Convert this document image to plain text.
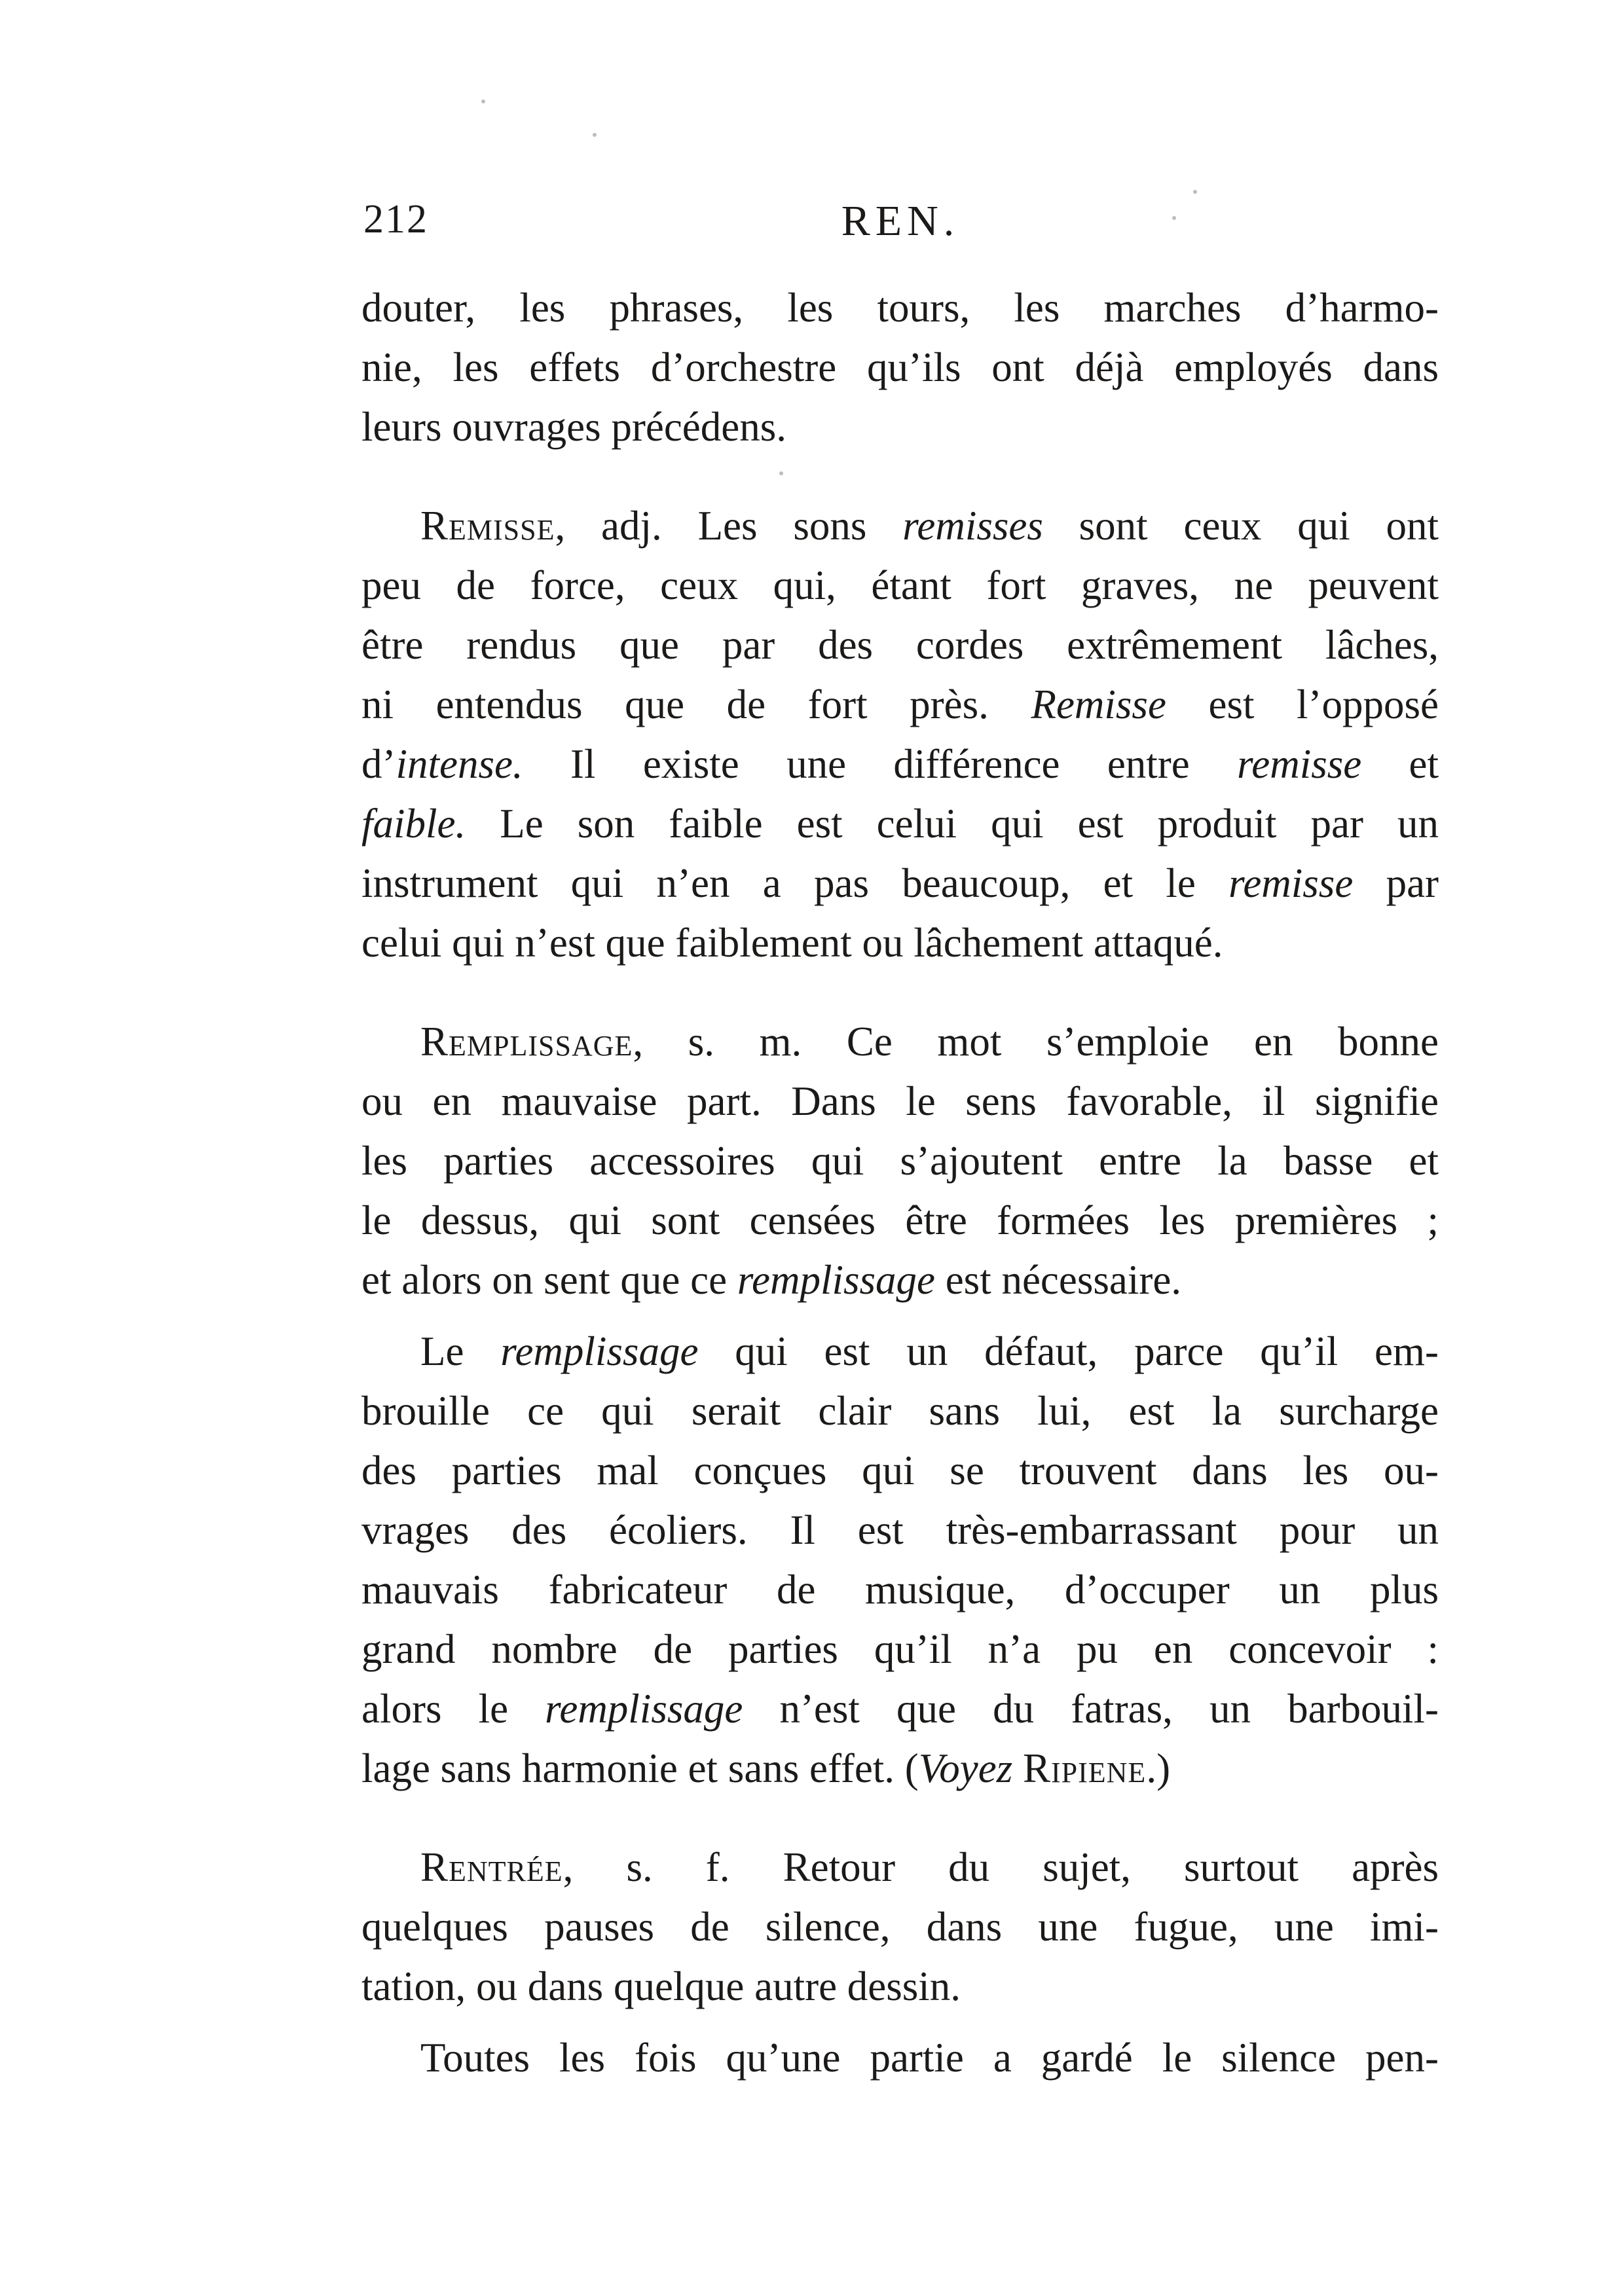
212	REN.
douter, les phrases, les tours, les marches d’harmo-
nie, les effets d’orchestre qu’ils ont déjà employés dans
leurs ouvrages précédens.
Remisse, adj. Les sons remisses sont ceux qui ont
peu de force, ceux qui, étant fort graves, ne peuvent
être rendus que par des cordes extrêmement lâches,
ni entendus que de fort près. Remisse est l’opposé
d’intense. Il existe une différence entre remisse et
faible. Le son faible est celui qui est produit par un
instrument qui n’en a pas beaucoup, et le remisse par
celui qui n’est que faiblement ou lâchement attaqué.
Remplissage, s. m. Ce mot s’emploie en bonne
ou en mauvaise part. Dans le sens favorable, il signifie
les parties accessoires qui s’ajoutent entre la basse et
le dessus, qui sont censées être formées les premières ;
et alors on sent que ce remplissage est nécessaire.
Le remplissage qui est un défaut, parce qu’il em-
brouille ce qui serait clair sans lui, est la surcharge
des parties mal conçues qui se trouvent dans les ou-
vrages des écoliers. Il est très-embarrassant pour un
mauvais fabricateur de musique, d’occuper un plus
grand nombre de parties qu’il n’a pu en concevoir :
alors le remplissage n’est que du fatras, un barbouil-
lage sans harmonie et sans effet. (Voyez Ripiene.)
Rentrée, s. f. Retour du sujet, surtout après
quelques pauses de silence, dans une fugue, une imi-
tation, ou dans quelque autre dessin.
Toutes les fois qu’une partie a gardé le silence pen-
